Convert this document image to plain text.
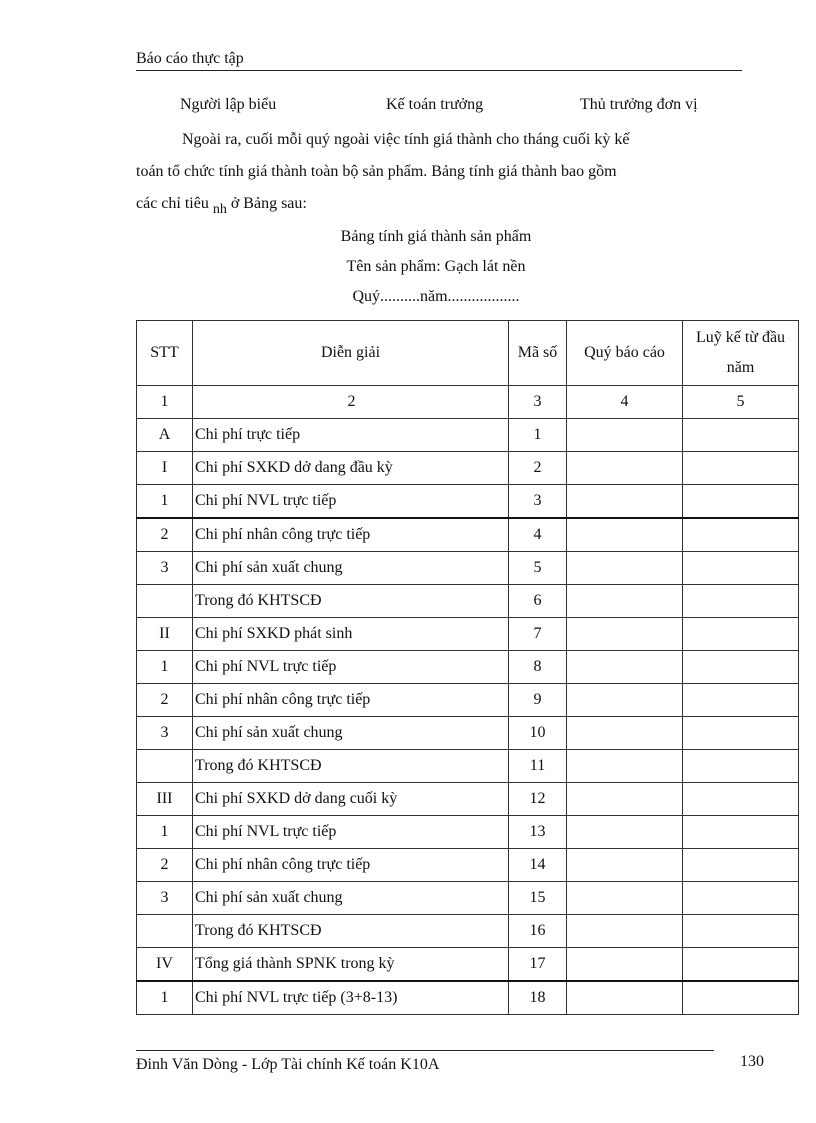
Báo cáo thực tập
Người lập biểu	Kế toán trưởng	Thủ trưởng đơn vị
Ngoài ra, cuối mỗi quý ngoài việc tính giá thành cho tháng cuối kỳ kế
toán tổ chức tính giá thành toàn bộ sản phẩm. Bảng tính giá thành bao gồm
các chỉ tiêu nh ở Bảng sau:
Bảng tính giá thành sản phẩm
Tên sản phẩm: Gạch lát nền
Quý..........năm..................
STT	Diễn giải	Mã số	Quý báo cáo	Luỹ kế từ đầu năm
1	2	3	4	5
A	Chi phí trực tiếp	1		
I	Chi phí SXKD dở dang đầu kỳ	2		
1	Chi phí NVL trực tiếp	3		
2	Chi phí nhân công trực tiếp	4		
3	Chi phí sản xuất chung	5		
	Trong đó KHTSCĐ	6		
II	Chi phí SXKD phát sinh	7		
1	Chi phí NVL trực tiếp	8		
2	Chi phí nhân công trực tiếp	9		
3	Chi phí sản xuất chung	10		
	Trong đó KHTSCĐ	11		
III	Chi phí SXKD dở dang cuối kỳ	12		
1	Chi phí NVL trực tiếp	13		
2	Chi phí nhân công trực tiếp	14		
3	Chi phí sản xuất chung	15		
	Trong đó KHTSCĐ	16		
IV	Tổng giá thành SPNK trong kỳ	17		
1	Chi phí NVL trực tiếp (3+8-13)	18		
Đinh Văn Dòng - Lớp Tài chính Kế toán K10A	130
